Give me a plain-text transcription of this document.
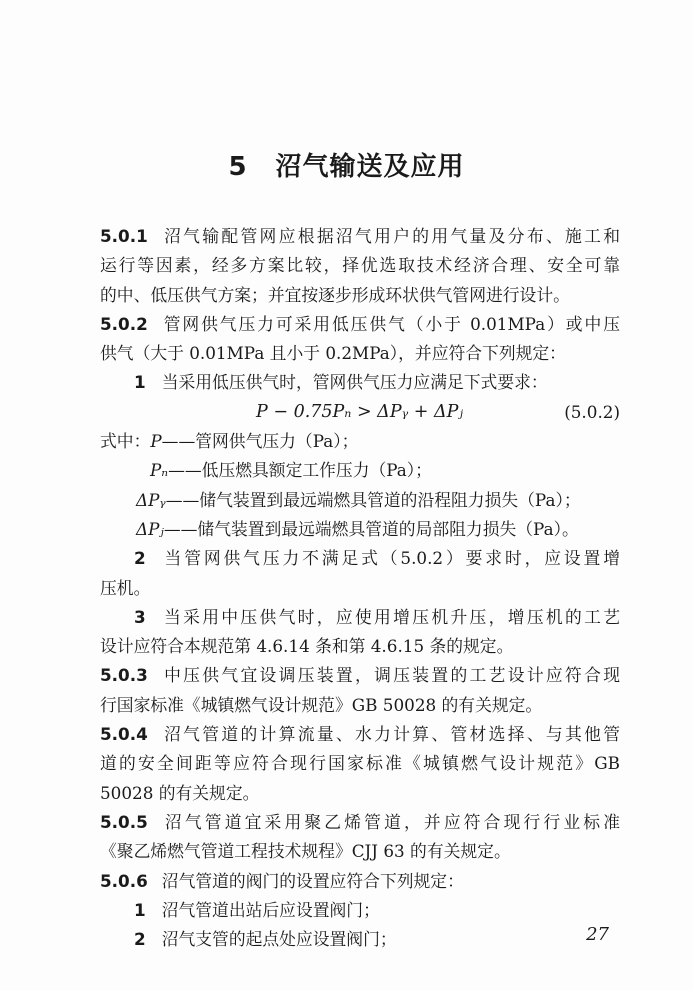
5 沼气输送及应用
5.0.1 沼气输配管网应根据沼气用户的用气量及分布、施工和
运行等因素，经多方案比较，择优选取技术经济合理、安全可靠
的中、低压供气方案；并宜按逐步形成环状供气管网进行设计。
5.0.2 管网供气压力可采用低压供气（小于 0.01MPa）或中压
供气（大于 0.01MPa 且小于 0.2MPa），并应符合下列规定：
1 当采用低压供气时，管网供气压力应满足下式要求：
P − 0.75Pₙ > ΔPᵧ + ΔPⱼ	(5.0.2)
式中：P——管网供气压力（Pa）；
Pₙ——低压燃具额定工作压力（Pa）；
ΔPᵧ——储气装置到最远端燃具管道的沿程阻力损失（Pa）；
ΔPⱼ——储气装置到最远端燃具管道的局部阻力损失（Pa）。
2 当管网供气压力不满足式（5.0.2）要求时，应设置增
压机。
3 当采用中压供气时，应使用增压机升压，增压机的工艺
设计应符合本规范第 4.6.14 条和第 4.6.15 条的规定。
5.0.3 中压供气宜设调压装置，调压装置的工艺设计应符合现
行国家标准《城镇燃气设计规范》GB 50028 的有关规定。
5.0.4 沼气管道的计算流量、水力计算、管材选择、与其他管
道的安全间距等应符合现行国家标准《城镇燃气设计规范》GB
50028 的有关规定。
5.0.5 沼气管道宜采用聚乙烯管道，并应符合现行行业标准
《聚乙烯燃气管道工程技术规程》CJJ 63 的有关规定。
5.0.6 沼气管道的阀门的设置应符合下列规定：
1 沼气管道出站后应设置阀门；
2 沼气支管的起点处应设置阀门；	27
